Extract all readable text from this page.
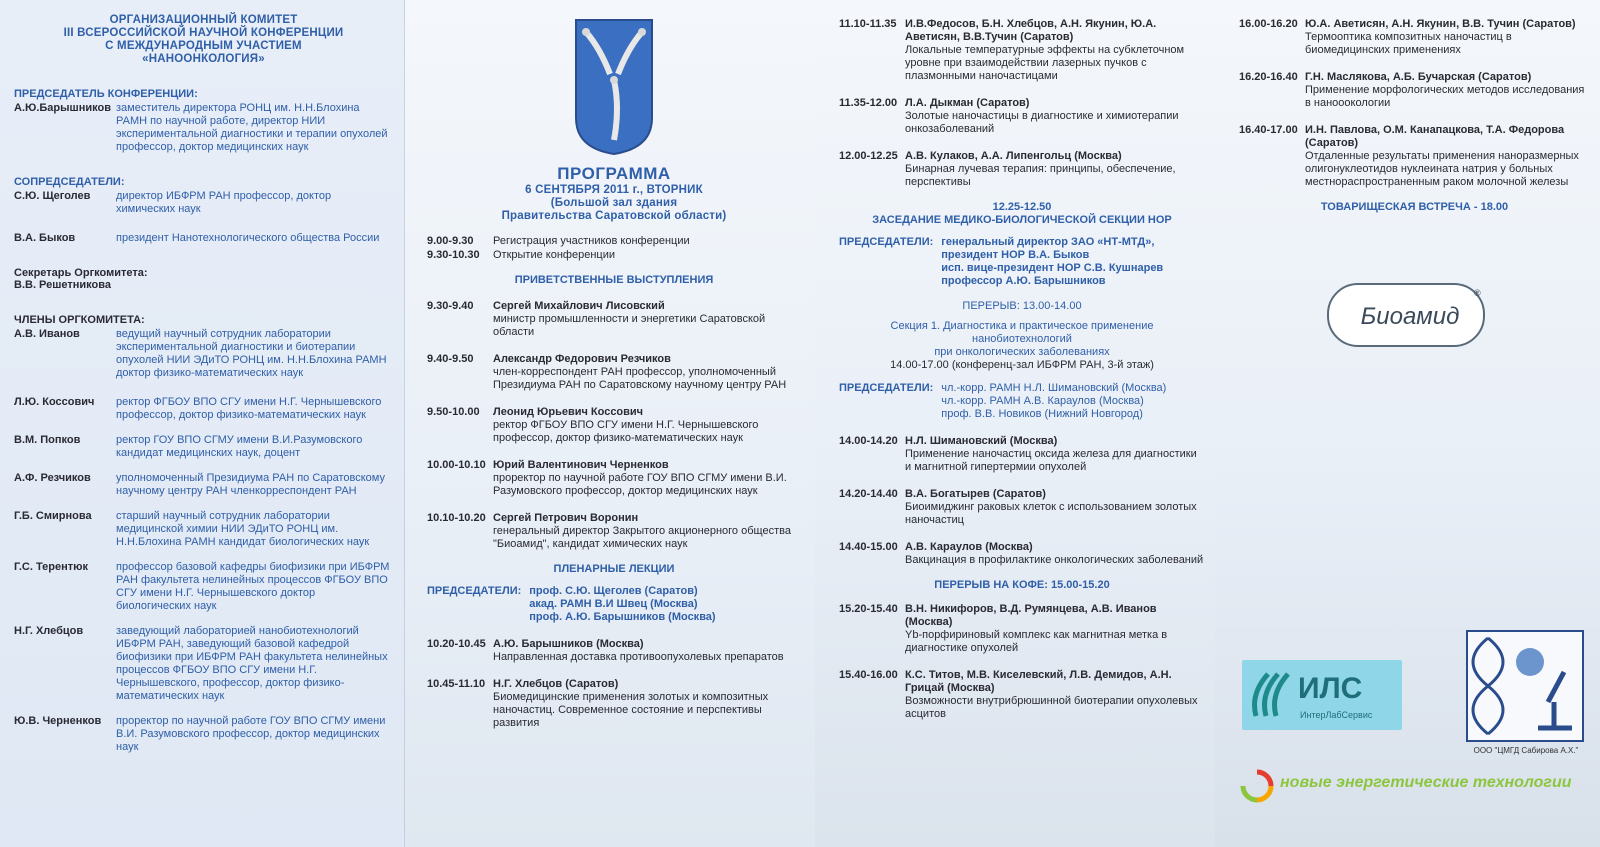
ОРГАНИЗАЦИОННЫЙ КОМИТЕТ
III ВСЕРОССИЙСКОЙ НАУЧНОЙ КОНФЕРЕНЦИИ
С МЕЖДУНАРОДНЫМ УЧАСТИЕМ
«НАНООНКОЛОГИЯ»
ПРЕДСЕДАТЕЛЬ КОНФЕРЕНЦИИ:
А.Ю.Барышников заместитель директора РОНЦ им. Н.Н.Блохина РАМН по научной работе, директор НИИ экспериментальной диагностики и терапии опухолей профессор, доктор медицинских наук
СОПРЕДСЕДАТЕЛИ:
С.Ю. Щеголев	директор ИБФРМ РАН профессор, доктор химических наук
В.А. Быков	президент Нанотехнологического общества России
Секретарь Оргкомитета:
В.В. Решетникова
ЧЛЕНЫ ОРГКОМИТЕТА:
А.В. Иванов	ведущий научный сотрудник лаборатории экспериментальной диагностики и биотерапии опухолей НИИ ЭДиТО РОНЦ им. Н.Н.Блохина РАМН доктор физико-математических наук
Л.Ю. Коссович	ректор ФГБОУ ВПО СГУ имени Н.Г. Чернышевского профессор, доктор физико-математических наук
В.М. Попков	ректор ГОУ ВПО СГМУ имени В.И.Разумовского кандидат медицинских наук, доцент
А.Ф. Резчиков	уполномоченный Президиума РАН по Саратовскому научному центру РАН членкорреспондент РАН
Г.Б. Смирнова	старший научный сотрудник лаборатории медицинской химии НИИ ЭДиТО РОНЦ им. Н.Н.Блохина РАМН кандидат биологических наук
Г.С. Терентюк	профессор базовой кафедры биофизики при ИБФРМ РАН факультета нелинейных процессов ФГБОУ ВПО СГУ имени Н.Г. Чернышевского доктор биологических наук
Н.Г. Хлебцов	заведующий лабораторией нанобиотехнологий ИБФРМ РАН, заведующий базовой кафедрой биофизики при ИБФРМ РАН факультета нелинейных процессов ФГБОУ ВПО СГУ имени Н.Г. Чернышевского, профессор, доктор физико-математических наук
Ю.В. Черненков	проректор по научной работе ГОУ ВПО СГМУ имени В.И. Разумовского профессор, доктор медицинских наук
ПРОГРАММА
6 СЕНТЯБРЯ 2011 г., ВТОРНИК
(Большой зал здания
Правительства Саратовской области)
9.00-9.30	Регистрация участников конференции
9.30-10.30	Открытие конференции
ПРИВЕТСТВЕННЫЕ ВЫСТУПЛЕНИЯ
9.30-9.40	Сергей Михайлович Лисовский
министр промышленности и энергетики Саратовской области
9.40-9.50	Александр Федорович Резчиков
член-корреспондент РАН профессор, уполномоченный Президиума РАН по Саратовскому научному центру РАН
9.50-10.00	Леонид Юрьевич Коссович
ректор ФГБОУ ВПО СГУ имени Н.Г. Чернышевского профессор, доктор физико-математических наук
10.00-10.10 Юрий Валентинович Черненков
проректор по научной работе ГОУ ВПО СГМУ имени В.И. Разумовского профессор, доктор медицинских наук
10.10-10.20 Сергей Петрович Воронин
генеральный директор Закрытого акционерного общества "Биоамид", кандидат химических наук
ПЛЕНАРНЫЕ ЛЕКЦИИ
ПРЕДСЕДАТЕЛИ: проф. С.Ю. Щеголев (Саратов)
акад. РАМН В.И Швец (Москва)
проф. А.Ю. Барышников (Москва)
10.20-10.45 А.Ю. Барышников (Москва)
Направленная доставка противоопухолевых препаратов
10.45-11.10 Н.Г. Хлебцов (Саратов)
Биомедицинские применения золотых и композитных наночастиц. Современное состояние и перспективы развития
11.10-11.35 И.В.Федосов, Б.Н. Хлебцов, А.Н. Якунин, Ю.А. Аветисян, В.В.Тучин (Саратов)
Локальные температурные эффекты на субклеточном уровне при взаимодействии лазерных пучков с плазмонными наночастицами
11.35-12.00 Л.А. Дыкман (Саратов)
Золотые наночастицы в диагностике и химиотерапии онкозаболеваний
12.00-12.25 А.В. Кулаков, А.А. Липенгольц (Москва)
Бинарная лучевая терапия: принципы, обеспечение, перспективы
12.25-12.50
ЗАСЕДАНИЕ МЕДИКО-БИОЛОГИЧЕСКОЙ СЕКЦИИ НОР
ПРЕДСЕДАТЕЛИ: генеральный директор ЗАО «НТ-МТД»,
президент НОР В.А. Быков
исп. вице-президент НОР С.В. Кушнарев
профессор А.Ю. Барышников
ПЕРЕРЫВ: 13.00-14.00
Секция 1. Диагностика и практическое применение
нанобиотехнологий
при онкологических заболеваниях
14.00-17.00 (конференц-зал ИБФРМ РАН, 3-й этаж)
ПРЕДСЕДАТЕЛИ: чл.-корр. РАМН Н.Л. Шимановский (Москва)
чл.-корр. РАМН А.В. Караулов (Москва)
проф. В.В. Новиков (Нижний Новгород)
14.00-14.20 Н.Л. Шимановский (Москва)
Применение наночастиц оксида железа для диагностики и магнитной гипертермии опухолей
14.20-14.40 В.А. Богатырев (Саратов)
Биоимиджинг раковых клеток с использованием золотых наночастиц
14.40-15.00 А.В. Караулов (Москва)
Вакцинация в профилактике онкологических заболеваний
ПЕРЕРЫВ НА КОФЕ: 15.00-15.20
15.20-15.40 В.Н. Никифоров, В.Д. Румянцева, А.В. Иванов (Москва)
Yb-порфириновый комплекс как магнитная метка в диагностике опухолей
15.40-16.00 К.С. Титов, М.В. Киселевский, Л.В. Демидов, А.Н. Грицай (Москва)
Возможности внутрибрюшинной биотерапии опухолевых асцитов
16.00-16.20 Ю.А. Аветисян, А.Н. Якунин, В.В. Тучин (Саратов)
Термооптика композитных наночастиц в биомедицинских применениях
16.20-16.40 Г.Н. Маслякова, А.Б. Бучарская (Саратов)
Применение морфологических методов исследования в нанооокологии
16.40-17.00 И.Н. Павлова, О.М. Канапацкова, Т.А. Федорова (Саратов)
Отдаленные результаты применения наноразмерных олигонуклеотидов нуклеината натрия у больных местнораспространенным раком молочной железы
ТОВАРИЩЕСКАЯ ВСТРЕЧА - 18.00
Биоамид
®
ИЛС
ИнтерЛабСервис
ООО "ЦМГД Сабирова А.Х."
новые энергетические технологии
